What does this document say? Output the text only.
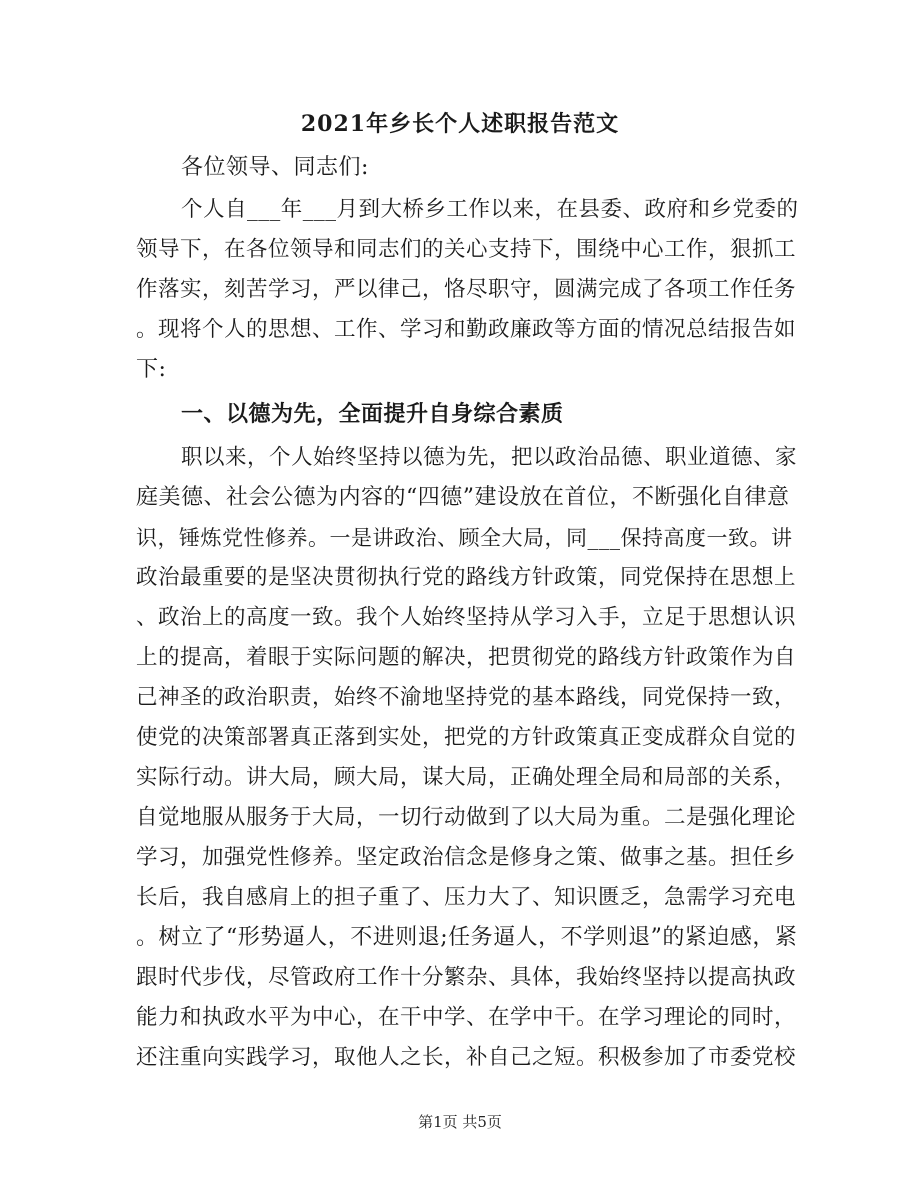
2021年乡长个人述职报告范文
各位领导、同志们:
个人自___年___月到大桥乡工作以来，在县委、政府和乡党委的
领导下，在各位领导和同志们的关心支持下，围绕中心工作，狠抓工
作落实，刻苦学习，严以律己，恪尽职守，圆满完成了各项工作任务
。现将个人的思想、工作、学习和勤政廉政等方面的情况总结报告如
下:
一、以德为先，全面提升自身综合素质
职以来，个人始终坚持以德为先，把以政治品德、职业道德、家
庭美德、社会公德为内容的“四德”建设放在首位，不断强化自律意
识，锤炼党性修养。一是讲政治、顾全大局，同___保持高度一致。讲
政治最重要的是坚决贯彻执行党的路线方针政策，同党保持在思想上
、政治上的高度一致。我个人始终坚持从学习入手，立足于思想认识
上的提高，着眼于实际问题的解决，把贯彻党的路线方针政策作为自
己神圣的政治职责，始终不渝地坚持党的基本路线，同党保持一致，
使党的决策部署真正落到实处，把党的方针政策真正变成群众自觉的
实际行动。讲大局，顾大局，谋大局，正确处理全局和局部的关系，
自觉地服从服务于大局，一切行动做到了以大局为重。二是强化理论
学习，加强党性修养。坚定政治信念是修身之策、做事之基。担任乡
长后，我自感肩上的担子重了、压力大了、知识匮乏，急需学习充电
。树立了“形势逼人，不进则退;任务逼人，不学则退”的紧迫感，紧
跟时代步伐，尽管政府工作十分繁杂、具体，我始终坚持以提高执政
能力和执政水平为中心，在干中学、在学中干。在学习理论的同时，
还注重向实践学习，取他人之长，补自己之短。积极参加了市委党校
第1页 共5页
